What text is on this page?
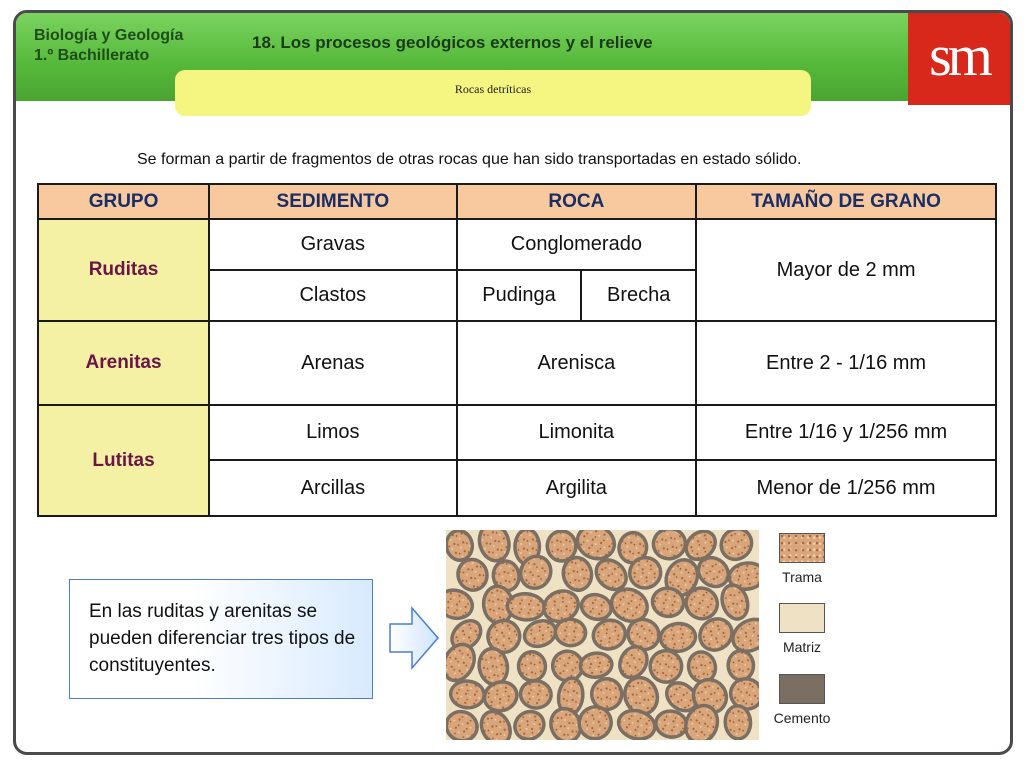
sm
Biología y Geología
1.º Bachillerato
18. Los procesos geológicos externos y el relieve
Rocas detríticas
Se forman a partir de fragmentos de otras rocas que han sido transportadas en estado sólido.
GRUPO	SEDIMENTO	ROCA		TAMAÑO DE GRANO
Ruditas	Gravas	Conglomerado		Mayor de 2 mm
	Clastos	Pudinga	Brecha	
Arenitas	Arenas	Arenisca		Entre 2 - 1/16 mm
Lutitas	Limos	Limonita		Entre 1/16 y 1/256 mm
	Arcillas	Argilita		Menor de 1/256 mm
En las ruditas y arenitas se pueden diferenciar tres tipos de constituyentes.
Trama
Matriz
Cemento
